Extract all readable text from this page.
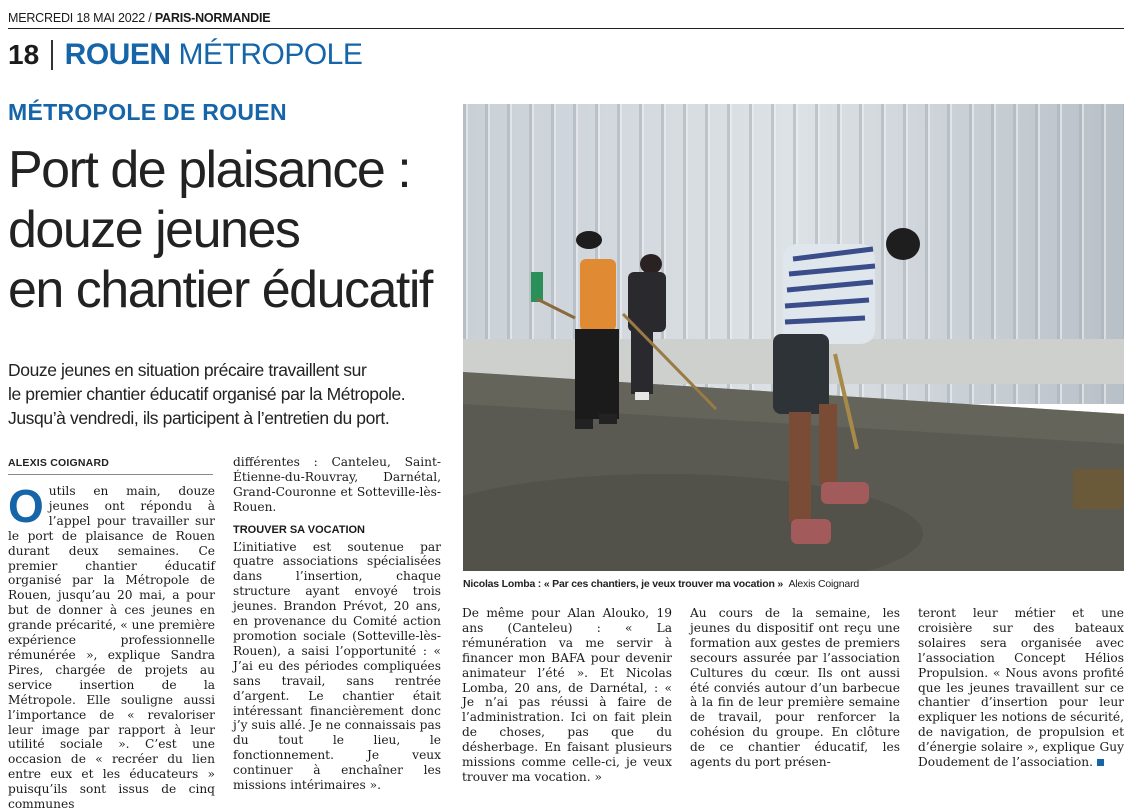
MERCREDI 18 MAI 2022 / PARIS-NORMANDIE
18 ROUEN MÉTROPOLE
MÉTROPOLE DE ROUEN
Port de plaisance :
douze jeunes
en chantier éducatif
Douze jeunes en situation précaire travaillent sur
le premier chantier éducatif organisé par la Métropole.
Jusqu’à vendredi, ils participent à l’entretien du port.
ALEXIS COIGNARD
Outils en main, douze jeunes ont répondu à l’appel pour travailler sur le port de plaisance de Rouen durant deux semaines. Ce premier chantier éducatif organisé par la Métropole de Rouen, jusqu’au 20 mai, a pour but de donner à ces jeunes en grande précarité, « une première expérience professionnelle rémunérée », explique Sandra Pires, chargée de projets au service insertion de la Métropole. Elle souligne aussi l’importance de « revaloriser leur image par rapport à leur utilité sociale ». C’est une occasion de « recréer du lien entre eux et les éducateurs » puisqu’ils sont issus de cinq communes
différentes : Canteleu, Saint-Étienne-du-Rouvray, Darnétal, Grand-Couronne et Sotteville-lès-Rouen.
TROUVER SA VOCATION
L’initiative est soutenue par quatre associations spécialisées dans l’insertion, chaque structure ayant envoyé trois jeunes. Brandon Prévot, 20 ans, en provenance du Comité action promotion sociale (Sotteville-lès-Rouen), a saisi l’opportunité : « J’ai eu des périodes compliquées sans travail, sans rentrée d’argent. Le chantier était intéressant financièrement donc j’y suis allé. Je ne connaissais pas du tout le lieu, le fonctionnement. Je veux continuer à enchaîner les missions intérimaires ».
Nicolas Lomba : « Par ces chantiers, je veux trouver ma vocation » Alexis Coignard
De même pour Alan Alouko, 19 ans (Canteleu) : « La rémunération va me servir à financer mon BAFA pour devenir animateur l’été ». Et Nicolas Lomba, 20 ans, de Darnétal, : « Je n’ai pas réussi à faire de l’administration. Ici on fait plein de choses, pas que du désherbage. En faisant plusieurs missions comme celle-ci, je veux trouver ma vocation. »
Au cours de la semaine, les jeunes du dispositif ont reçu une formation aux gestes de premiers secours assurée par l’association Cultures du cœur. Ils ont aussi été conviés autour d’un barbecue à la fin de leur première semaine de travail, pour renforcer la cohésion du groupe. En clôture de ce chantier éducatif, les agents du port présen-
teront leur métier et une croisière sur des bateaux solaires sera organisée avec l’association Concept Hélios Propulsion. « Nous avons profité que les jeunes travaillent sur ce chantier d’insertion pour leur expliquer les notions de sécurité, de navigation, de propulsion et d’énergie solaire », explique Guy Doudement de l’association.
